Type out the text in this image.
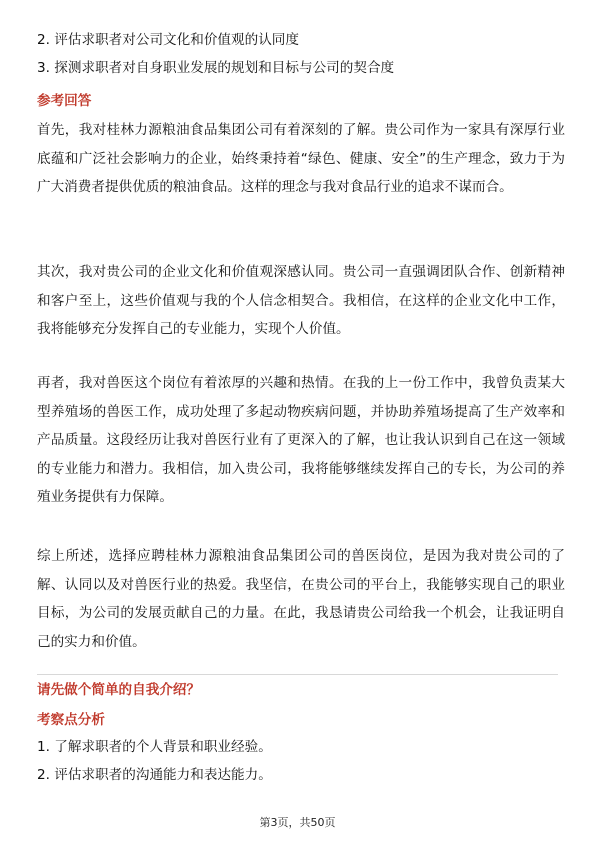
2. 评估求职者对公司文化和价值观的认同度
3. 探测求职者对自身职业发展的规划和目标与公司的契合度
参考回答
首先，我对桂林力源粮油食品集团公司有着深刻的了解。贵公司作为一家具有深厚行业底蕴和广泛社会影响力的企业，始终秉持着“绿色、健康、安全”的生产理念，致力于为广大消费者提供优质的粮油食品。这样的理念与我对食品行业的追求不谋而合。
其次，我对贵公司的企业文化和价值观深感认同。贵公司一直强调团队合作、创新精神和客户至上，这些价值观与我的个人信念相契合。我相信，在这样的企业文化中工作，我将能够充分发挥自己的专业能力，实现个人价值。
再者，我对兽医这个岗位有着浓厚的兴趣和热情。在我的上一份工作中，我曾负责某大型养殖场的兽医工作，成功处理了多起动物疾病问题，并协助养殖场提高了生产效率和产品质量。这段经历让我对兽医行业有了更深入的了解，也让我认识到自己在这一领域的专业能力和潜力。我相信，加入贵公司，我将能够继续发挥自己的专长，为公司的养殖业务提供有力保障。
综上所述，选择应聘桂林力源粮油食品集团公司的兽医岗位，是因为我对贵公司的了解、认同以及对兽医行业的热爱。我坚信，在贵公司的平台上，我能够实现自己的职业目标，为公司的发展贡献自己的力量。在此，我恳请贵公司给我一个机会，让我证明自己的实力和价值。
请先做个简单的自我介绍？
考察点分析
1. 了解求职者的个人背景和职业经验。
2. 评估求职者的沟通能力和表达能力。
第3页，共50页
